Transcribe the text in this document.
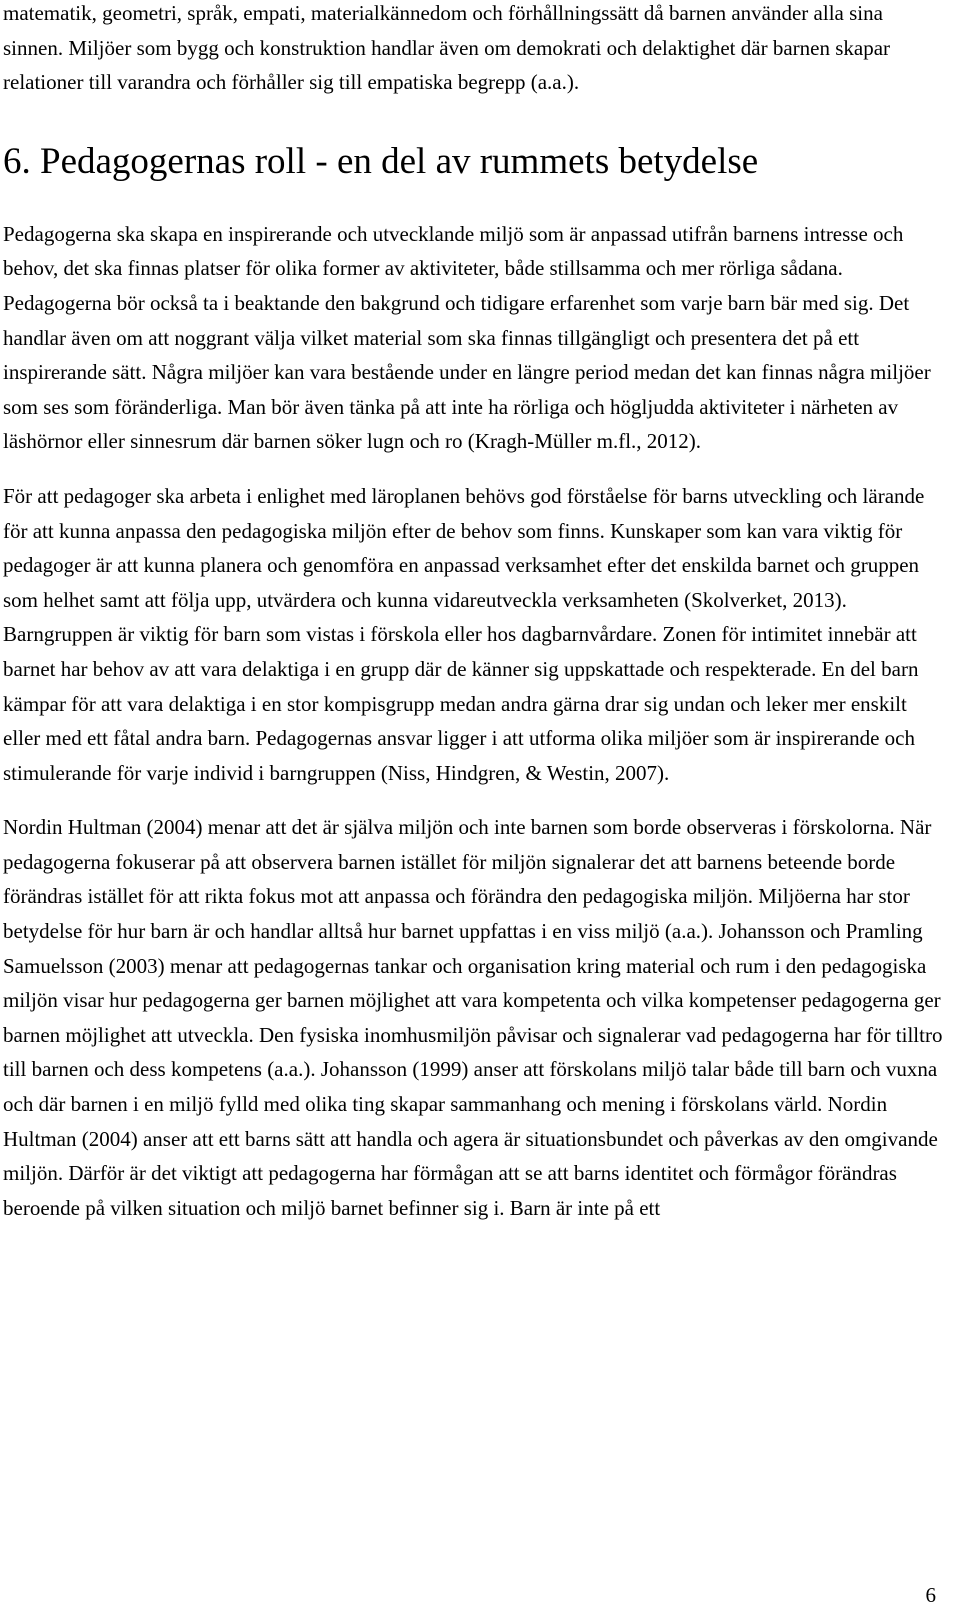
matematik, geometri, språk, empati, materialkännedom och förhållningssätt då barnen använder alla sina sinnen. Miljöer som bygg och konstruktion handlar även om demokrati och delaktighet där barnen skapar relationer till varandra och förhåller sig till empatiska begrepp (a.a.).

6. Pedagogernas roll - en del av rummets betydelse

Pedagogerna ska skapa en inspirerande och utvecklande miljö som är anpassad utifrån barnens intresse och behov, det ska finnas platser för olika former av aktiviteter, både stillsamma och mer rörliga sådana. Pedagogerna bör också ta i beaktande den bakgrund och tidigare erfarenhet som varje barn bär med sig. Det handlar även om att noggrant välja vilket material som ska finnas tillgängligt och presentera det på ett inspirerande sätt. Några miljöer kan vara bestående under en längre period medan det kan finnas några miljöer som ses som föränderliga. Man bör även tänka på att inte ha rörliga och högljudda aktiviteter i närheten av läshörnor eller sinnesrum där barnen söker lugn och ro (Kragh-Müller m.fl., 2012).

För att pedagoger ska arbeta i enlighet med läroplanen behövs god förståelse för barns utveckling och lärande för att kunna anpassa den pedagogiska miljön efter de behov som finns. Kunskaper som kan vara viktig för pedagoger är att kunna planera och genomföra en anpassad verksamhet efter det enskilda barnet och gruppen som helhet samt att följa upp, utvärdera och kunna vidareutveckla verksamheten (Skolverket, 2013). Barngruppen är viktig för barn som vistas i förskola eller hos dagbarnvårdare. Zonen för intimitet innebär att barnet har behov av att vara delaktiga i en grupp där de känner sig uppskattade och respekterade. En del barn kämpar för att vara delaktiga i en stor kompisgrupp medan andra gärna drar sig undan och leker mer enskilt eller med ett fåtal andra barn. Pedagogernas ansvar ligger i att utforma olika miljöer som är inspirerande och stimulerande för varje individ i barngruppen (Niss, Hindgren, & Westin, 2007).

Nordin Hultman (2004) menar att det är själva miljön och inte barnen som borde observeras i förskolorna. När pedagogerna fokuserar på att observera barnen istället för miljön signalerar det att barnens beteende borde förändras istället för att rikta fokus mot att anpassa och förändra den pedagogiska miljön. Miljöerna har stor betydelse för hur barn är och handlar alltså hur barnet uppfattas i en viss miljö (a.a.). Johansson och Pramling Samuelsson (2003) menar att pedagogernas tankar och organisation kring material och rum i den pedagogiska miljön visar hur pedagogerna ger barnen möjlighet att vara kompetenta och vilka kompetenser pedagogerna ger barnen möjlighet att utveckla. Den fysiska inomhusmiljön påvisar och signalerar vad pedagogerna har för tilltro till barnen och dess kompetens (a.a.). Johansson (1999) anser att förskolans miljö talar både till barn och vuxna och där barnen i en miljö fylld med olika ting skapar sammanhang och mening i förskolans värld. Nordin Hultman (2004) anser att ett barns sätt att handla och agera är situationsbundet och påverkas av den omgivande miljön. Därför är det viktigt att pedagogerna har förmågan att se att barns identitet och förmågor förändras beroende på vilken situation och miljö barnet befinner sig i. Barn är inte på ett

6
